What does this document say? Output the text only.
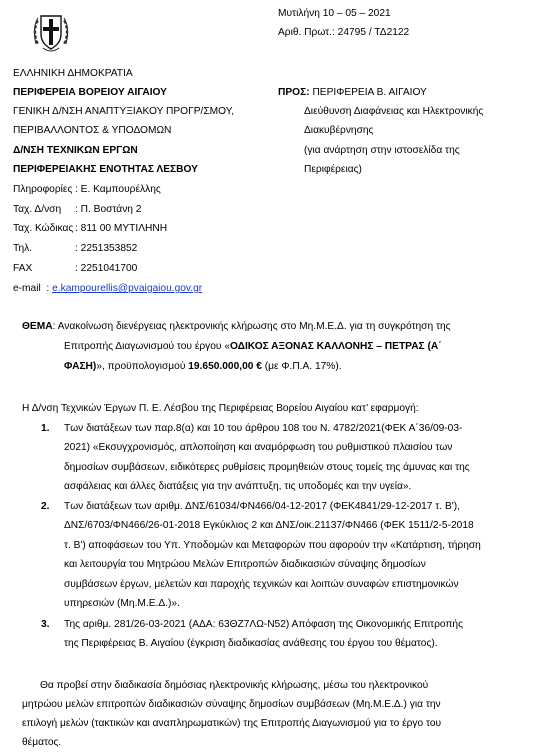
Μυτιλήνη 10 – 05 – 2021
Αριθ. Πρωτ.: 24795 / ΤΔ2122
ΕΛΛΗΝΙΚΗ ΔΗΜΟΚΡΑΤΙΑ
ΠΕΡΙΦΕΡΕΙΑ ΒΟΡΕΙΟΥ ΑΙΓΑΙΟΥ
ΓΕΝΙΚΗ Δ/ΝΣΗ ΑΝΑΠΤΥΞΙΑΚΟΥ ΠΡΟΓΡ/ΣΜΟΥ,
ΠΕΡΙΒΑΛΛΟΝΤΟΣ & ΥΠΟΔΟΜΩΝ
Δ/ΝΣΗ ΤΕΧΝΙΚΩΝ ΕΡΓΩΝ
ΠΕΡΙΦΕΡΕΙΑΚΗΣ ΕΝΟΤΗΤΑΣ ΛΕΣΒΟΥ
Πληροφορίες : Ε. Καμπουρέλλης
Ταχ. Δ/νση : Π. Βοστάνη 2
Ταχ. Κώδικας : 811 00 ΜΥΤΙΛΗΝΗ
Τηλ.	: 2251353852
FAX	: 2251041700
e-mail : e.kampourellis@pvaigaiou.gov.gr
ΠΡΟΣ: ΠΕΡΙΦΕΡΕΙΑ Β. ΑΙΓΑΙΟΥ
Διεύθυνση Διαφάνειας και Ηλεκτρονικής
Διακυβέρνησης
(για ανάρτηση στην ιστοσελίδα της
Περιφέρειας)
ΘΕΜΑ: Ανακοίνωση διενέργειας ηλεκτρονικής κλήρωσης στο Μη.Μ.Ε.Δ. για τη συγκρότηση της
Επιτροπής Διαγωνισμού του έργου «ΟΔΙΚΟΣ ΑΞΟΝΑΣ ΚΑΛΛΟΝΗΣ – ΠΕΤΡΑΣ (Α΄
ΦΑΣΗ)», προϋπολογισμού 19.650.000,00 € (με Φ.Π.Α. 17%).
Η Δ/νση Τεχνικών Έργων Π. Ε. Λέσβου της Περιφέρειας Βορείου Αιγαίου κατ’ εφαρμογή:
1. Των διατάξεων των παρ.8(α) και 10 του άρθρου 108 του Ν. 4782/2021(ΦΕΚ Α΄36/09-03-
2021) «Εκσυγχρονισμός, απλοποίηση και αναμόρφωση του ρυθμιστικού πλαισίου των
δημοσίων συμβάσεων, ειδικότερες ρυθμίσεις προμηθειών στους τομείς της άμυνας και της
ασφάλειας και άλλες διατάξεις για την ανάπτυξη, τις υποδομές και την υγεία».
2. Των διατάξεων των αριθμ. ΔΝΣ/61034/ΦΝ466/04-12-2017 (ΦΕΚ4841/29-12-2017 τ. Β'),
ΔΝΣ/6703/ΦΝ466/26-01-2018 Εγκύκλιος 2 και ΔΝΣ/οικ.21137/ΦΝ466 (ΦΕΚ 1511/2-5-2018
τ. Β') αποφάσεων του Υπ. Υποδομών και Μεταφορών που αφορούν την «Κατάρτιση, τήρηση
και λειτουργία του Μητρώου Μελών Επιτροπών διαδικασιών σύναψης δημοσίων
συμβάσεων έργων, μελετών και παροχής τεχνικών και λοιπών συναφών επιστημονικών
υπηρεσιών (Μη.Μ.Ε.Δ.)».
3. Της αριθμ. 281/26-03-2021 (ΑΔΑ: 63ΘΖ7ΛΩ-Ν52) Απόφαση της Οικονομικής Επιτροπής
της Περιφέρειας Β. Αιγαίου (έγκριση διαδικασίας ανάθεσης του έργου του θέματος).
Θα προβεί στην διαδικασία δημόσιας ηλεκτρονικής κλήρωσης, μέσω του ηλεκτρονικού
μητρώου μελών επιτροπών διαδικασιών σύναψης δημοσίων συμβάσεων (Μη.Μ.Ε.Δ.) για την
επιλογή μελών (τακτικών και αναπληρωματικών) της Επιτροπής Διαγωνισμού για το έργο του
θέματος.
